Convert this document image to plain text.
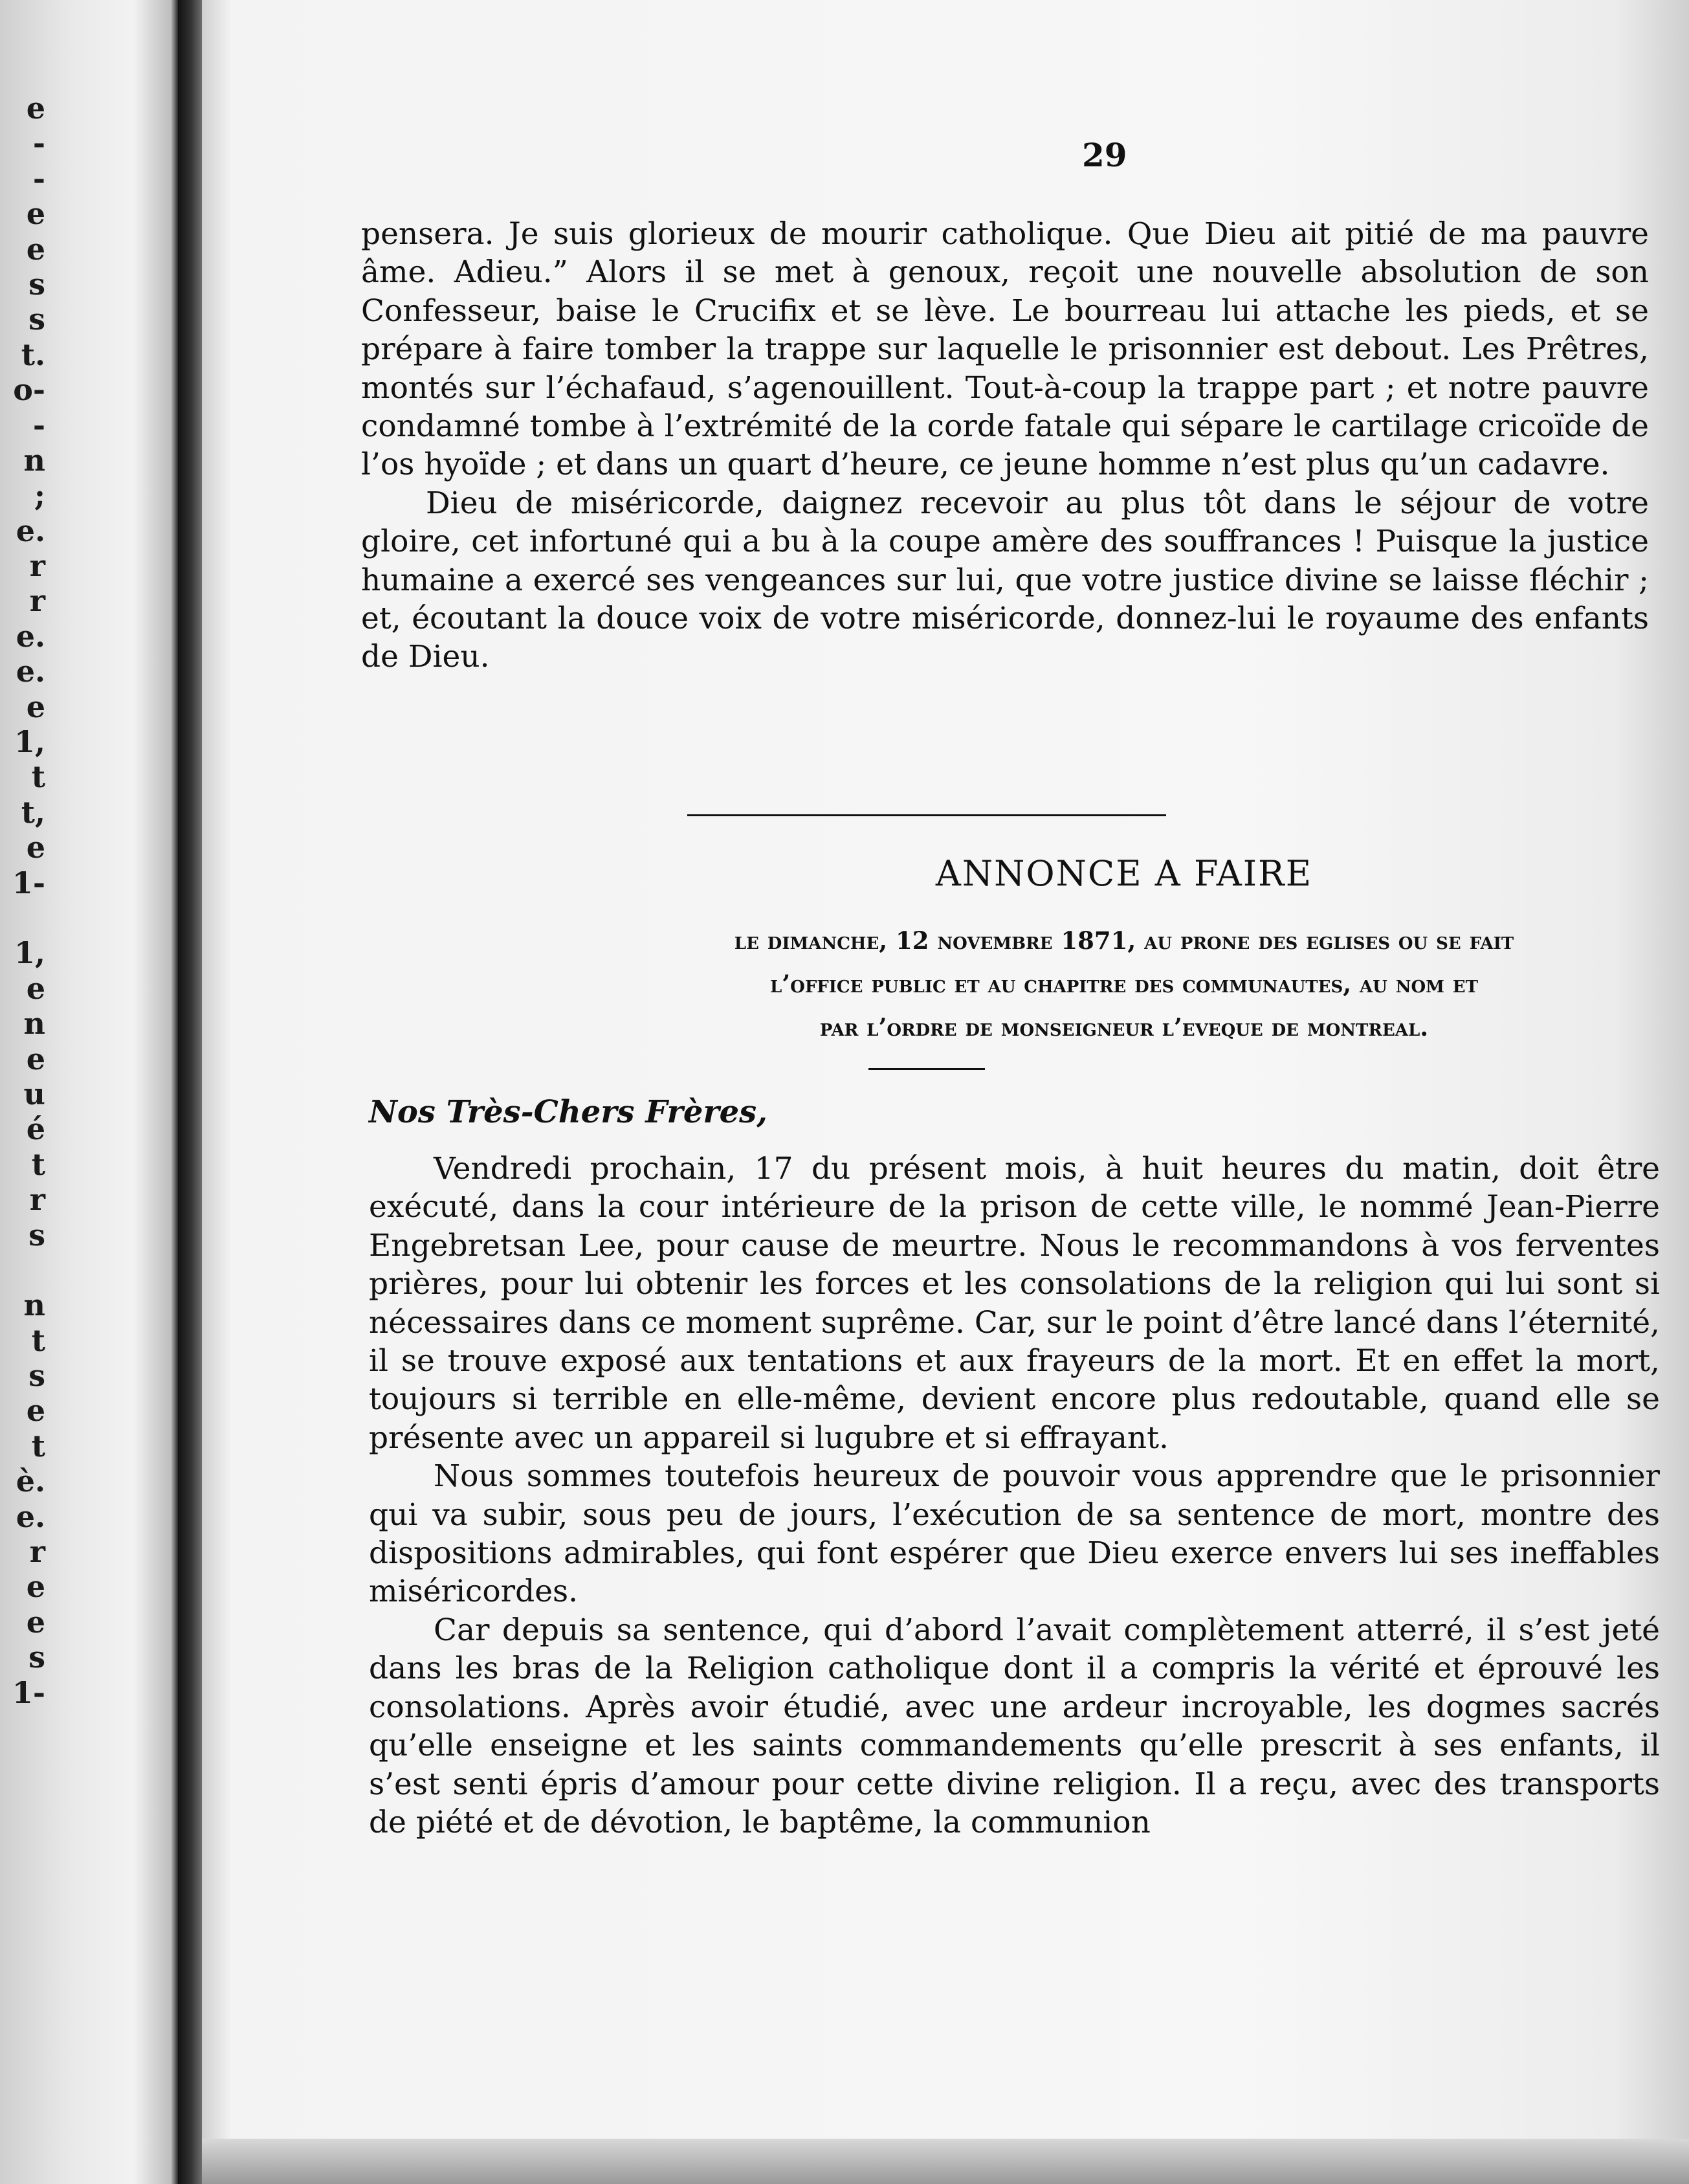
e
-
-
e
e
s
s
t.
o-
-
n
;
e.
r
r
e.
e.
e
1,
t
t,
e
1-
1,
e
n
e
u
é
t
r
s
n
t
s
e
t
è.
e.
r
e
e
s
1-
29

pensera. Je suis glorieux de mourir catholique. Que Dieu ait pitié de ma pauvre âme. Adieu.” Alors il se met à genoux, reçoit une nouvelle absolution de son Confesseur, baise le Crucifix et se lève. Le bourreau lui attache les pieds, et se prépare à faire tomber la trappe sur laquelle le prisonnier est debout. Les Prêtres, montés sur l’échafaud, s’agenouillent. Tout-à-coup la trappe part ; et notre pauvre condamné tombe à l’extrémité de la corde fatale qui sépare le cartilage cricoïde de l’os hyoïde ; et dans un quart d’heure, ce jeune homme n’est plus qu’un cadavre.

Dieu de miséricorde, daignez recevoir au plus tôt dans le séjour de votre gloire, cet infortuné qui a bu à la coupe amère des souffrances ! Puisque la justice humaine a exercé ses vengeances sur lui, que votre justice divine se laisse fléchir ; et, écoutant la douce voix de votre miséricorde, donnez-lui le royaume des enfants de Dieu.

ANNONCE A FAIRE

le dimanche, 12 novembre 1871, au prone des eglises ou se fait

l’office public et au chapitre des communautes, au nom et

par l’ordre de monseigneur l’eveque de montreal.

Nos Très-Chers Frères,

Vendredi prochain, 17 du présent mois, à huit heures du matin, doit être exécuté, dans la cour intérieure de la prison de cette ville, le nommé Jean-Pierre Engebretsan Lee, pour cause de meurtre. Nous le recommandons à vos ferventes prières, pour lui obtenir les forces et les consolations de la religion qui lui sont si nécessaires dans ce moment suprême. Car, sur le point d’être lancé dans l’éternité, il se trouve exposé aux tentations et aux frayeurs de la mort. Et en effet la mort, toujours si terrible en elle-même, devient encore plus redoutable, quand elle se présente avec un appareil si lugubre et si effrayant.

Nous sommes toutefois heureux de pouvoir vous apprendre que le prisonnier qui va subir, sous peu de jours, l’exécution de sa sentence de mort, montre des dispositions admirables, qui font espérer que Dieu exerce envers lui ses ineffables miséricordes.

Car depuis sa sentence, qui d’abord l’avait complètement atterré, il s’est jeté dans les bras de la Religion catholique dont il a compris la vérité et éprouvé les consolations. Après avoir étudié, avec une ardeur incroyable, les dogmes sacrés qu’elle enseigne et les saints commandements qu’elle prescrit à ses enfants, il s’est senti épris d’amour pour cette divine religion. Il a reçu, avec des transports de piété et de dévotion, le baptême, la communion
